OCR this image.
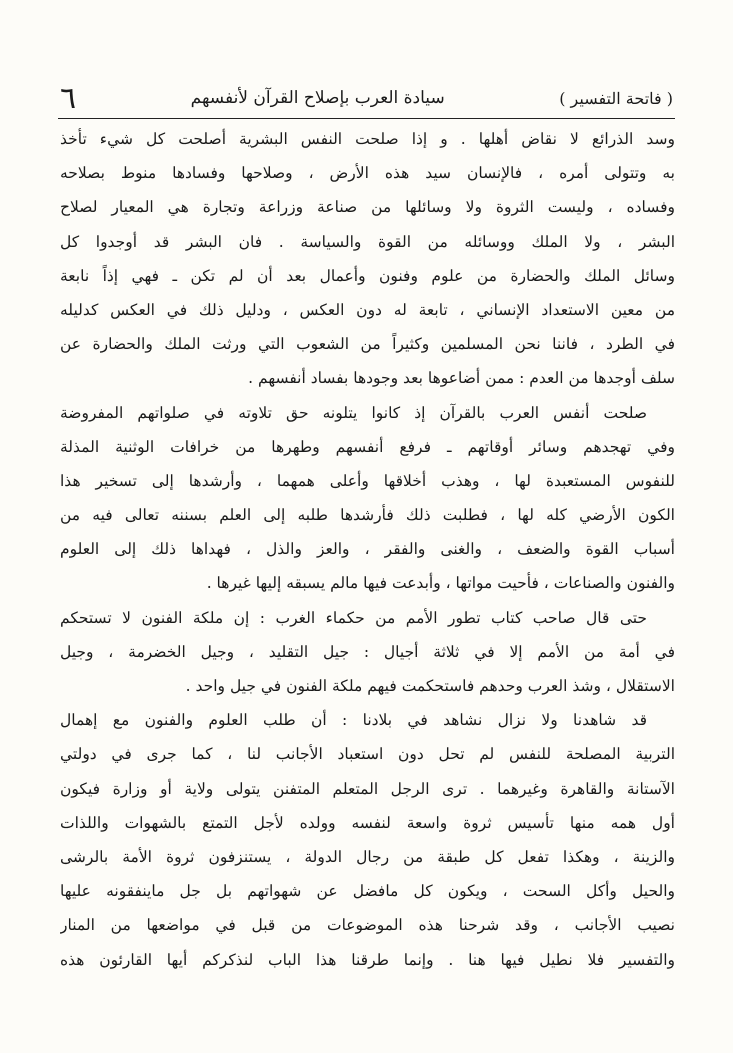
٦	سيادة العرب بإصلاح القرآن لأنفسهم	( فاتحة التفسير )
وسد الذرائع لا نقاض أهلها . و إذا صلحت النفس البشرية أصلحت كل شيء تأخذ
به وتتولى أمره ، فالإنسان سيد هذه الأرض ، وصلاحها وفسادها منوط بصلاحه
وفساده ، وليست الثروة ولا وسائلها من صناعة وزراعة وتجارة هي المعيار لصلاح
البشر ، ولا الملك ووسائله من القوة والسياسة . فان البشر قد أوجدوا كل
وسائل الملك والحضارة من علوم وفنون وأعمال بعد أن لم تكن ـ فهي إذاً نابعة
من معين الاستعداد الإنساني ، تابعة له دون العكس ، ودليل ذلك في العكس كدليله
في الطرد ، فاننا نحن المسلمين وكثيراً من الشعوب التي ورثت الملك والحضارة عن
سلف أوجدها من العدم : ممن أضاعوها بعد وجودها بفساد أنفسهم .
صلحت أنفس العرب بالقرآن إذ كانوا يتلونه حق تلاوته في صلواتهم المفروضة
وفي تهجدهم وسائر أوقاتهم ـ فرفع أنفسهم وطهرها من خرافات الوثنية المذلة
للنفوس المستعبدة لها ، وهذب أخلاقها وأعلى همهما ، وأرشدها إلى تسخير هذا
الكون الأرضي كله لها ، فطلبت ذلك فأرشدها طلبه إلى العلم بسننه تعالى فيه من
أسباب القوة والضعف ، والغنى والفقر ، والعز والذل ، فهداها ذلك إلى العلوم
والفنون والصناعات ، فأحيت مواتها ، وأبدعت فيها مالم يسبقه إليها غيرها .
حتى قال صاحب كتاب تطور الأمم من حكماء الغرب : إن ملكة الفنون لا تستحكم
في أمة من الأمم إلا في ثلاثة أجيال : جيل التقليد ، وجيل الخضرمة ، وجيل
الاستقلال ، وشذ العرب وحدهم فاستحكمت فيهم ملكة الفنون في جيل واحد .
قد شاهدنا ولا نزال نشاهد في بلادنا : أن طلب العلوم والفنون مع إهمال
التربية المصلحة للنفس لم تحل دون استعباد الأجانب لنا ، كما جرى في دولتي
الآستانة والقاهرة وغيرهما . ترى الرجل المتعلم المتفنن يتولى ولاية أو وزارة فيكون
أول همه منها تأسيس ثروة واسعة لنفسه وولده لأجل التمتع بالشهوات واللذات
والزينة ، وهكذا تفعل كل طبقة من رجال الدولة ، يستنزفون ثروة الأمة بالرشى
والحيل وأكل السحت ، ويكون كل مافضل عن شهواتهم بل جل ماينفقونه عليها
نصيب الأجانب ، وقد شرحنا هذه الموضوعات من قبل في مواضعها من المنار
والتفسير فلا نطيل فيها هنا . وإنما طرقنا هذا الباب لنذكركم أيها القارئون هذه
